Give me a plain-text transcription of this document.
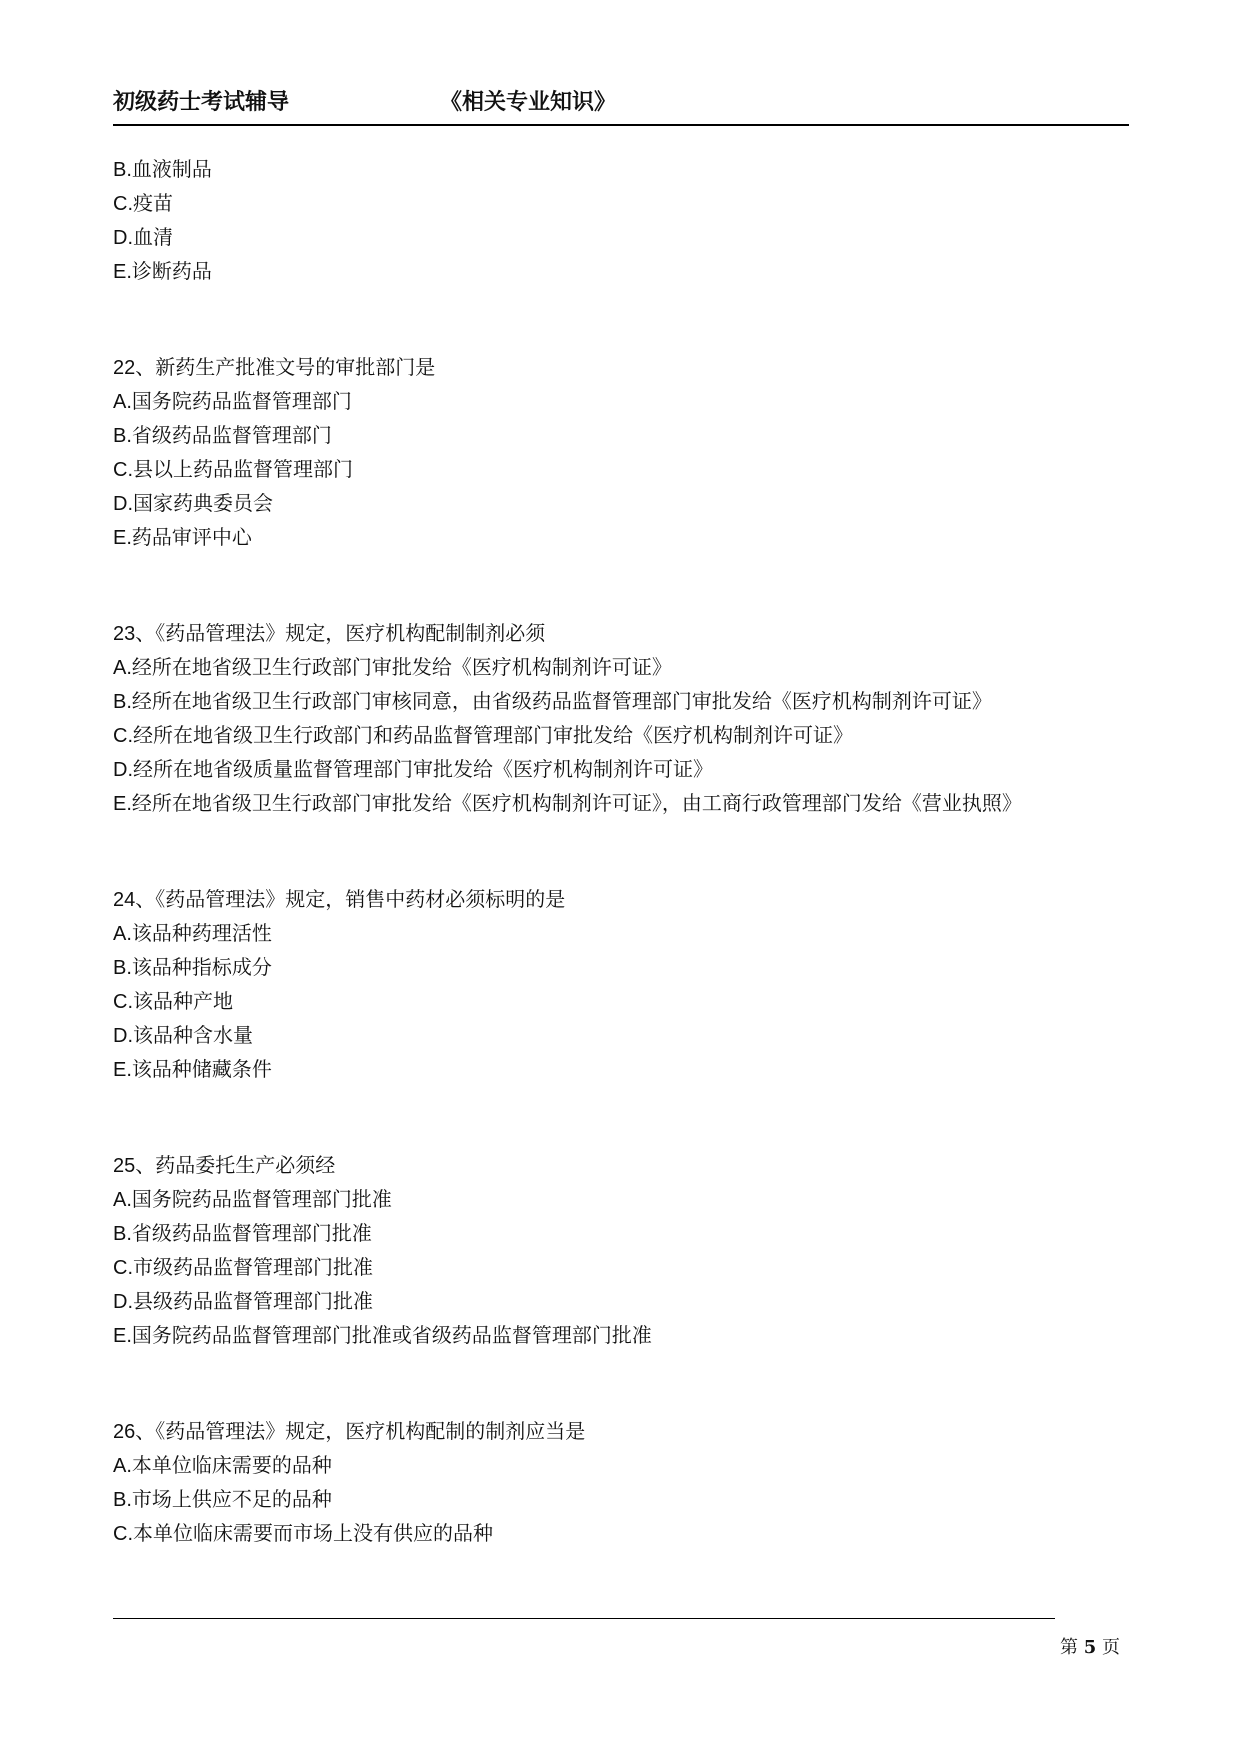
初级药士考试辅导	《相关专业知识》
B.血液制品
C.疫苗
D.血清
E.诊断药品
22、新药生产批准文号的审批部门是
A.国务院药品监督管理部门
B.省级药品监督管理部门
C.县以上药品监督管理部门
D.国家药典委员会
E.药品审评中心
23、《药品管理法》规定，医疗机构配制制剂必须
A.经所在地省级卫生行政部门审批发给《医疗机构制剂许可证》
B.经所在地省级卫生行政部门审核同意，由省级药品监督管理部门审批发给《医疗机构制剂许可证》
C.经所在地省级卫生行政部门和药品监督管理部门审批发给《医疗机构制剂许可证》
D.经所在地省级质量监督管理部门审批发给《医疗机构制剂许可证》
E.经所在地省级卫生行政部门审批发给《医疗机构制剂许可证》，由工商行政管理部门发给《营业执照》
24、《药品管理法》规定，销售中药材必须标明的是
A.该品种药理活性
B.该品种指标成分
C.该品种产地
D.该品种含水量
E.该品种储藏条件
25、药品委托生产必须经
A.国务院药品监督管理部门批准
B.省级药品监督管理部门批准
C.市级药品监督管理部门批准
D.县级药品监督管理部门批准
E.国务院药品监督管理部门批准或省级药品监督管理部门批准
26、《药品管理法》规定，医疗机构配制的制剂应当是
A.本单位临床需要的品种
B.市场上供应不足的品种
C.本单位临床需要而市场上没有供应的品种
第 5 页
